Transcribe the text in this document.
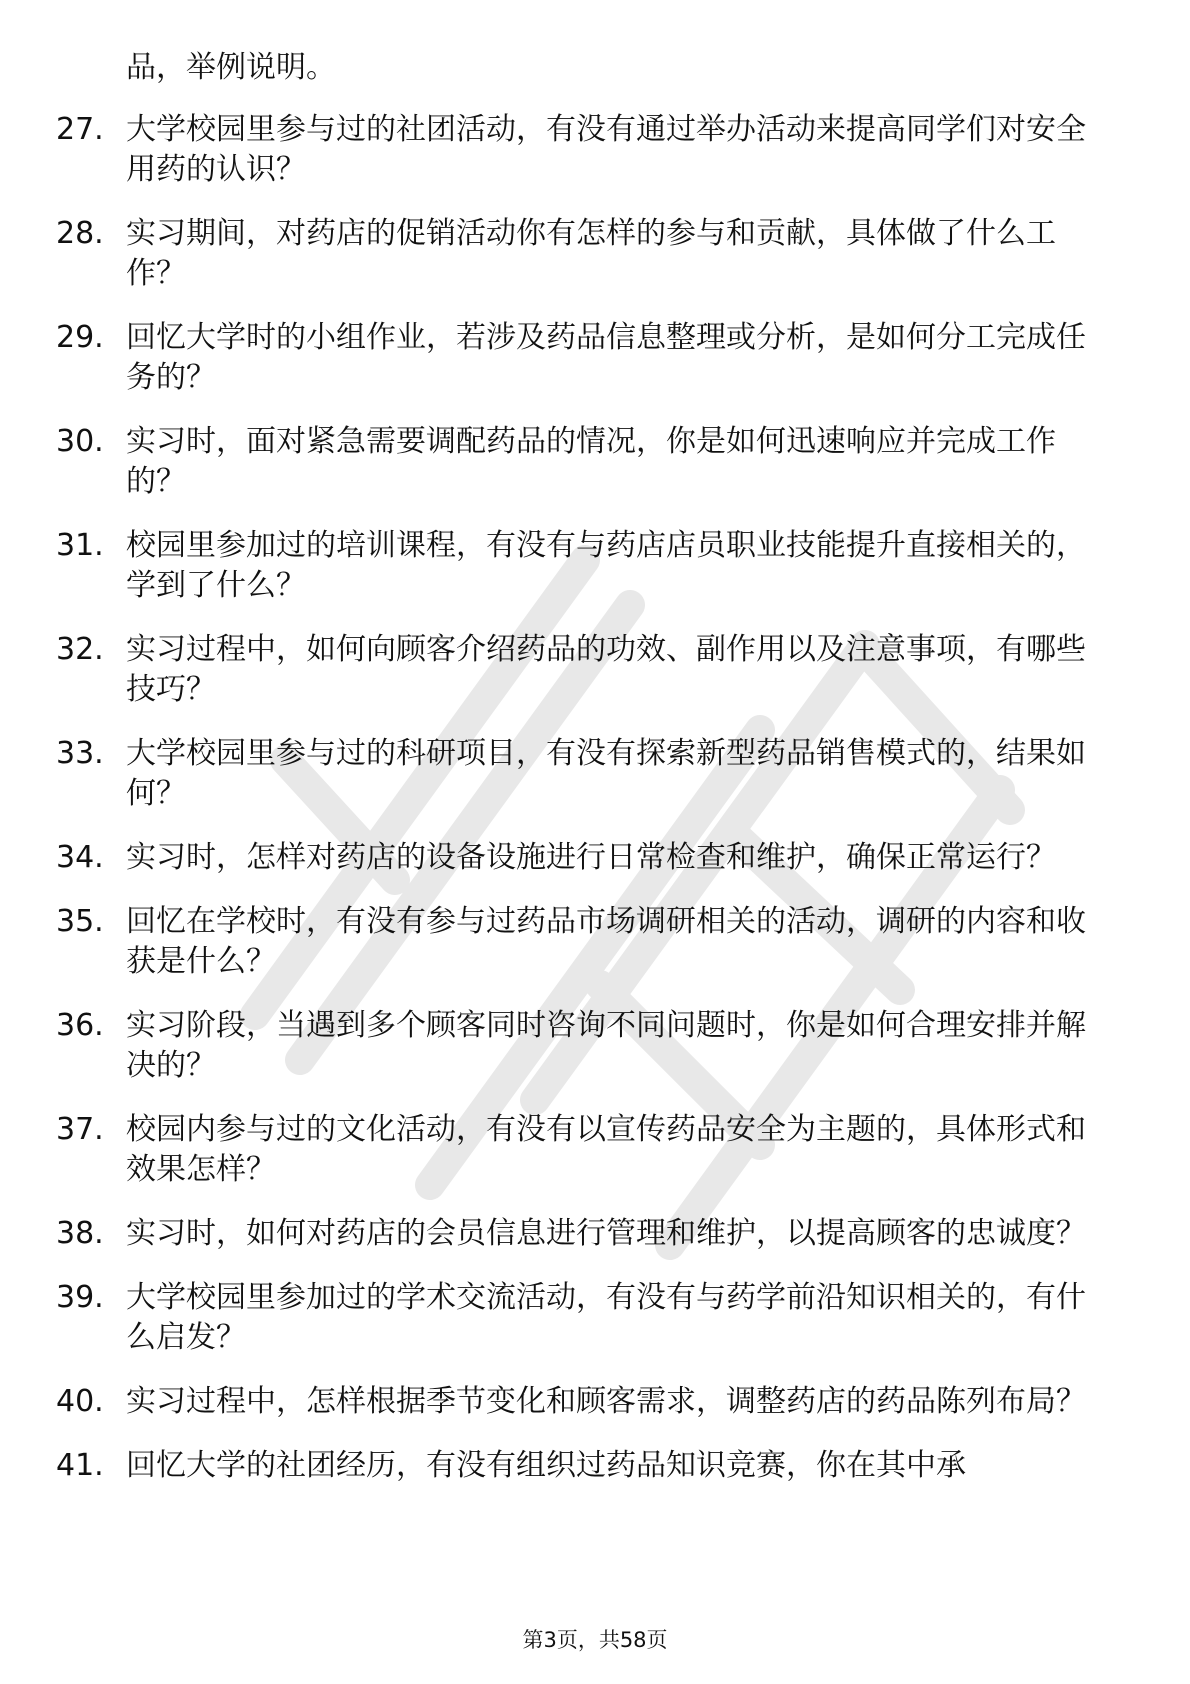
品，举例说明。
27. 大学校园里参与过的社团活动，有没有通过举办活动来提高同学们对安全用药的认识？
28. 实习期间，对药店的促销活动你有怎样的参与和贡献，具体做了什么工作？
29. 回忆大学时的小组作业，若涉及药品信息整理或分析，是如何分工完成任务的？
30. 实习时，面对紧急需要调配药品的情况，你是如何迅速响应并完成工作的？
31. 校园里参加过的培训课程，有没有与药店店员职业技能提升直接相关的，学到了什么？
32. 实习过程中，如何向顾客介绍药品的功效、副作用以及注意事项，有哪些技巧？
33. 大学校园里参与过的科研项目，有没有探索新型药品销售模式的，结果如何？
34. 实习时，怎样对药店的设备设施进行日常检查和维护，确保正常运行？
35. 回忆在学校时，有没有参与过药品市场调研相关的活动，调研的内容和收获是什么？
36. 实习阶段，当遇到多个顾客同时咨询不同问题时，你是如何合理安排并解决的？
37. 校园内参与过的文化活动，有没有以宣传药品安全为主题的，具体形式和效果怎样？
38. 实习时，如何对药店的会员信息进行管理和维护，以提高顾客的忠诚度？
39. 大学校园里参加过的学术交流活动，有没有与药学前沿知识相关的，有什么启发？
40. 实习过程中，怎样根据季节变化和顾客需求，调整药店的药品陈列布局？
41. 回忆大学的社团经历，有没有组织过药品知识竞赛，你在其中承
第3页，共58页
